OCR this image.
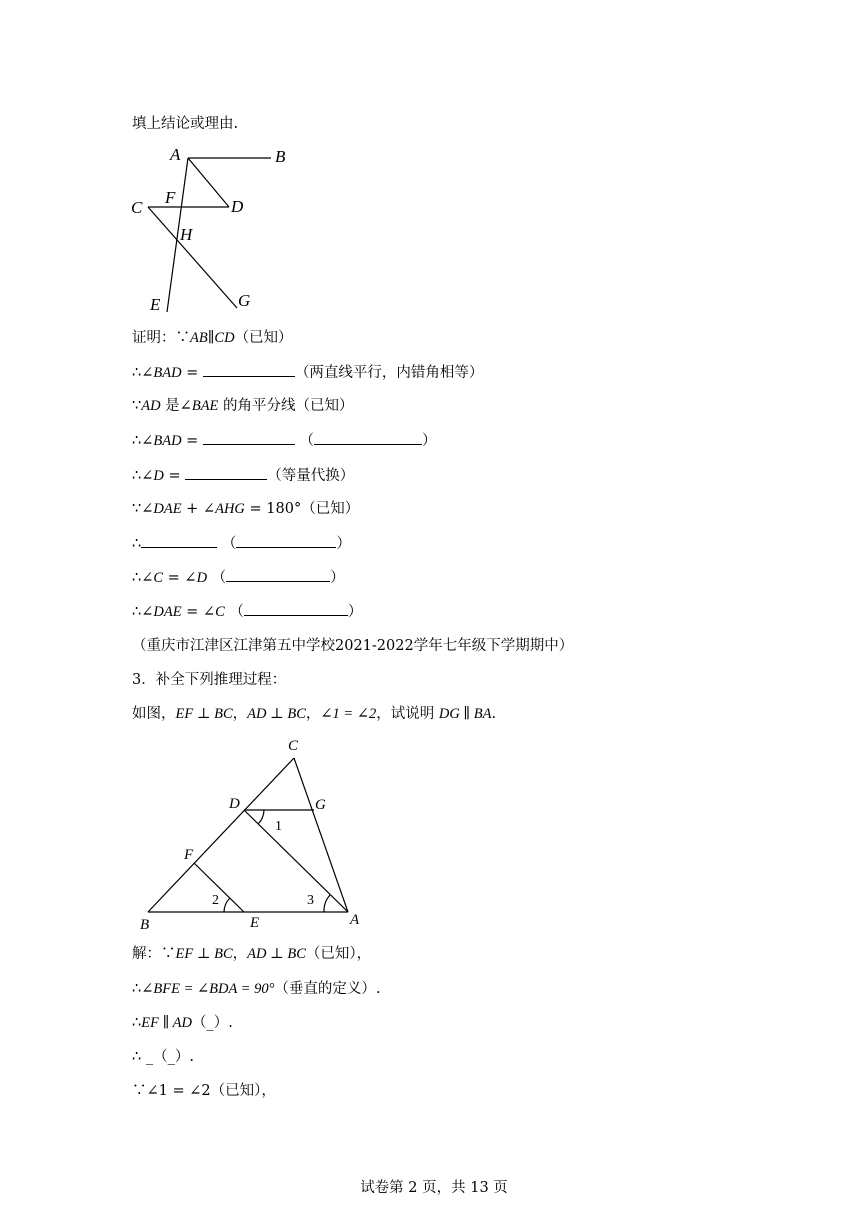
填上结论或理由.
A	B
C
F	D
H
E	G
证明：∵AB∥CD（已知）
∴∠BAD =	（两直线平行，内错角相等）
∵AD 是∠BAE 的角平分线（已知）
∴∠BAD =	（	）
∴∠D =	（等量代换）
∵∠DAE + ∠AHG = 180°（已知）
∴	（	）
∴∠C = ∠D （	）
∴∠DAE = ∠C （	）
（重庆市江津区江津第五中学校2021-2022学年七年级下学期期中）
3．补全下列推理过程：
如图，EF ⊥ BC，AD ⊥ BC，∠1 = ∠2，试说明 DG ∥ BA.
C
D	G
F
B	E	A
1
2	3
解：∵EF ⊥ BC，AD ⊥ BC（已知），
∴∠BFE = ∠BDA = 90°（垂直的定义）.
∴EF ∥ AD（_）.
∴ _（_）.
∵∠1 = ∠2（已知），
试卷第 2 页，共 13 页
